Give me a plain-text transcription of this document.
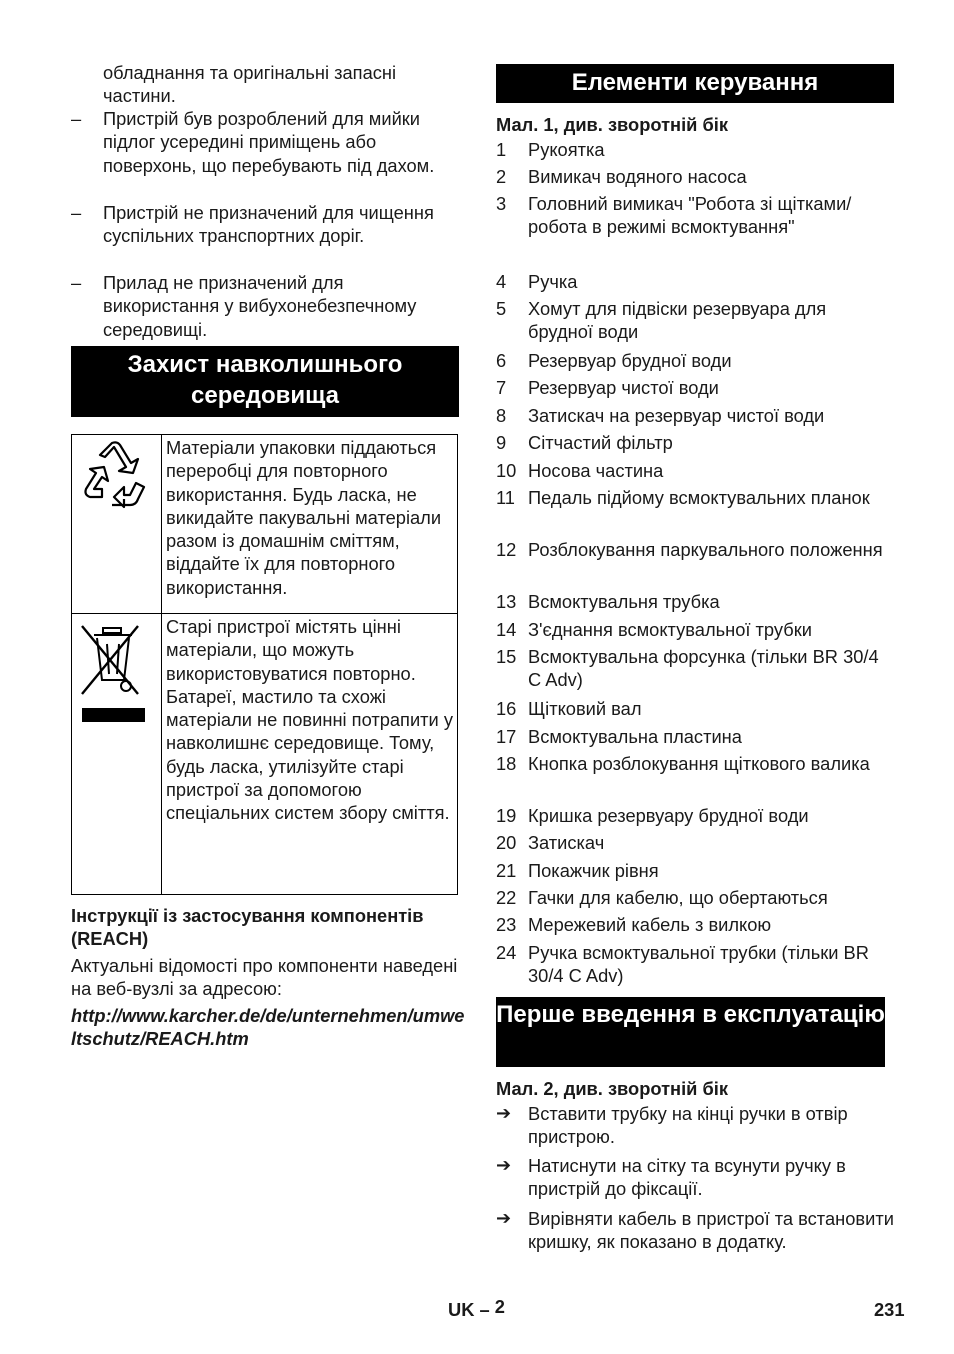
обладнання та оригінальні запасні частини.
–	Пристрій був розроблений для мийки підлог усередині приміщень або поверхонь, що перебувають під дахом.
–	Пристрій не призначений для чищення суспільних транспортних доріг.
–	Прилад не призначений для використання у вибухонебезпечному середовищі.
Захист навколишнього середовища
	Матеріали упаковки піддаються переробці для повторного використання. Будь ласка, не викидайте пакувальні матеріали разом із домашнім сміттям, віддайте їх для повторного використання.
	Старі пристрої містять цінні матеріали, що можуть використовуватися повторно. Батареї, мастило та схожі матеріали не повинні потрапити у навколишнє середовище. Тому, будь ласка, утилізуйте старі пристрої за допомогою спеціальних систем збору сміття.
Інструкції із застосування компонентів (REACH)
Актуальні відомості про компоненти наведені на веб-вузлі за адресою:
http://www.karcher.de/de/unternehmen/umweltschutz/REACH.htm
Елементи керування
Мал. 1, див. зворотній бік
1	Рукоятка
2	Вимикач водяного насоса
3	Головний вимикач "Робота зі щітками/робота в режимі всмоктування"
4	Ручка
5	Хомут для підвіски резервуара для брудної води
6	Резервуар брудної води
7	Резервуар чистої води
8	Затискач на резервуар чистої води
9	Сітчастий фільтр
10 Носова частина
11 Педаль підйому всмоктувальних планок
12 Розблокування паркувального положення
13 Всмоктувальня трубка
14 З'єднання всмоктувальної трубки
15 Всмоктувальна форсунка (тільки BR 30/4 C Adv)
16 Щітковий вал
17 Всмоктувальна пластина
18 Кнопка розблокування щіткового валика
19 Кришка резервуару брудної води
20 Затискач
21 Покажчик рівня
22 Гачки для кабелю, що обертаються
23 Мережевий кабель з вилкою
24 Ручка всмоктувальної трубки (тільки BR 30/4 C Adv)
Перше введення в експлуатацію
Мал. 2, див. зворотній бік
➔ Вставити трубку на кінці ручки в отвір пристрою.
➔ Натиснути на сітку та всунути ручку в пристрій до фіксації.
➔ Вирівняти кабель в пристрої та встановити кришку, як показано в додатку.
UK – 2	231
